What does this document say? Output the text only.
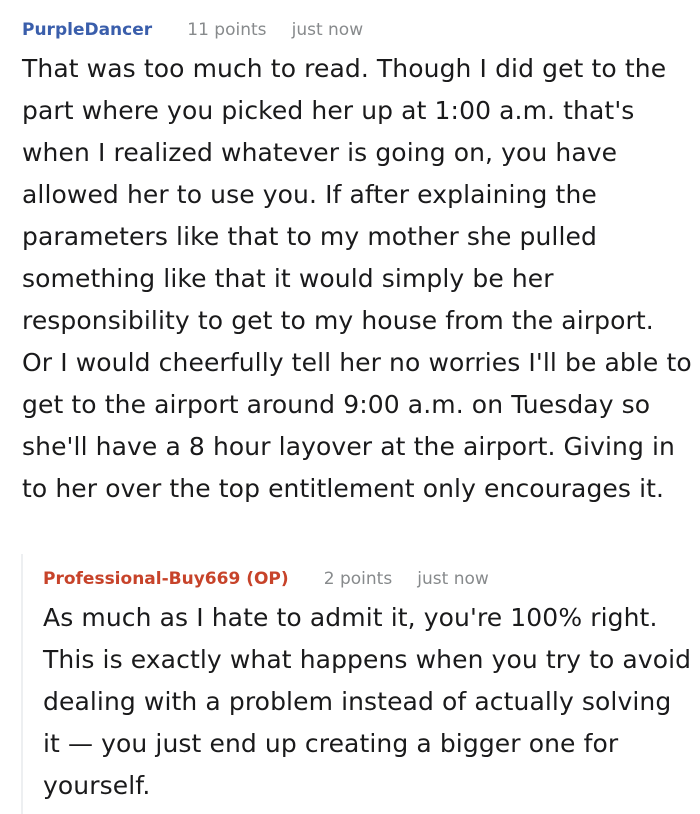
PurpleDancer 11 points just now
That was too much to read. Though I did get to the part where you picked her up at 1:00 a.m. that's when I realized whatever is going on, you have allowed her to use you. If after explaining the parameters like that to my mother she pulled something like that it would simply be her responsibility to get to my house from the airport. Or I would cheerfully tell her no worries I'll be able to get to the airport around 9:00 a.m. on Tuesday so she'll have a 8 hour layover at the airport. Giving in to her over the top entitlement only encourages it.
Professional-Buy669 (OP) 2 points just now
As much as I hate to admit it, you're 100% right. This is exactly what happens when you try to avoid dealing with a problem instead of actually solving it — you just end up creating a bigger one for yourself.
